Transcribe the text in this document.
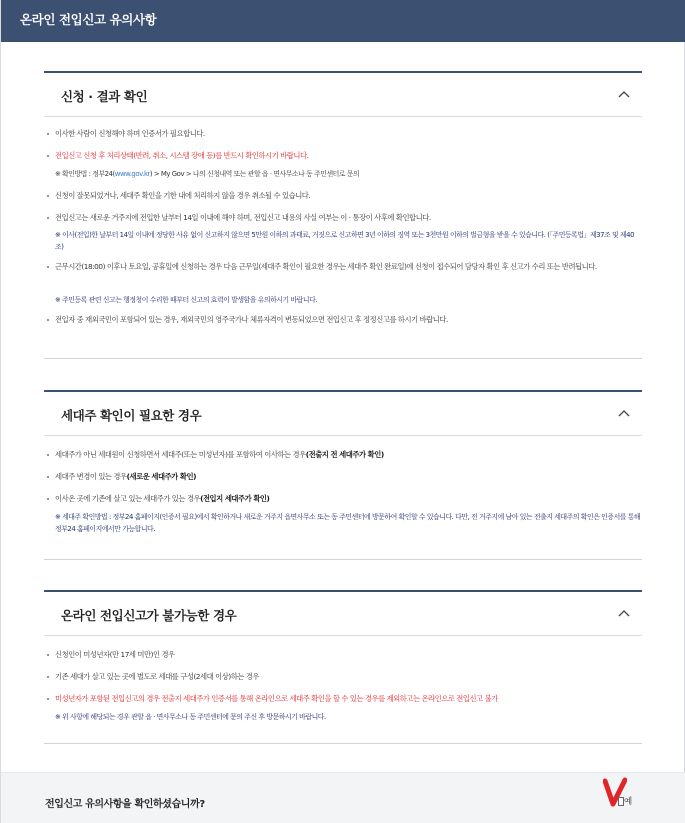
온라인 전입신고 유의사항
신청 · 결과 확인
이사한 사람이 신청해야 하며 인증서가 필요합니다.
전입신고 신청 후 처리상태(반려, 취소, 시스템 장애 등)를 반드시 확인하시기 바랍니다.
※ 확인방법 : 정부24(www.gov.kr) > My Gov > 나의 신청내역 또는 관할 읍 · 면사무소나 동 주민센터로 문의
신청이 잘못되었거나, 세대주 확인을 기한 내에 처리하지 않을 경우 취소될 수 있습니다.
전입신고는 새로운 거주지에 전입한 날부터 14일 이내에 해야 하며, 전입신고 내용의 사실 여부는 이 · 통장이 사후에 확인합니다.
※ 이사(전입)한 날부터 14일 이내에 정당한 사유 없이 신고하지 않으면 5만원 이하의 과태료, 거짓으로 신고하면 3년 이하의 징역 또는 3천만원 이하의 벌금형을 받을 수 있습니다. (「주민등록법」제37조 및 제40조)
근무시간(18:00) 이후나 토요일, 공휴일에 신청하는 경우 다음 근무일(세대주 확인이 필요한 경우는 세대주 확인 완료일)에 신청이 접수되어 담당자 확인 후 신고가 수리 또는 반려됩니다.
※ 주민등록 관련 신고는 행정청이 수리한 때부터 신고의 효력이 발생함을 유의하시기 바랍니다.
전입자 중 재외국민이 포함되어 있는 경우, 재외국민의 영주국가나 체류자격이 변동되었으면 전입신고 후 정정신고를 하시기 바랍니다.
세대주 확인이 필요한 경우
세대주가 아닌 세대원이 신청하면서 세대주(또는 미성년자)를 포함하여 이사하는 경우(전출지 전 세대주가 확인)
세대주 변경이 있는 경우(새로운 세대주가 확인)
이사온 곳에 기존에 살고 있는 세대주가 있는 경우(전입지 세대주가 확인)
※ 세대주 확인방법 : 정부24 홈페이지(인증서 필요)에서 확인하거나 새로운 거주지 읍면사무소 또는 동 주민센터에 방문하여 확인할 수 있습니다. 다만, 전 거주지에 남아 있는 전출지 세대주의 확인은 인증서를 통해 정부24 홈페이지에서만 가능합니다.
온라인 전입신고가 불가능한 경우
신청인이 미성년자(만 17세 미만)인 경우
기존 세대가 살고 있는 곳에 별도로 세대를 구성(2세대 이상)하는 경우
미성년자가 포함된 전입신고의 경우 전출지 세대주가 인증서를 통해 온라인으로 세대주 확인을 할 수 있는 경우를 제외하고는 온라인으로 전입신고 불가
※ 위 사항에 해당되는 경우 관할 읍 · 면사무소나 동 주민센터에 문의 주신 후 방문하시기 바랍니다.
전입신고 유의사항을 확인하셨습니까?	예
